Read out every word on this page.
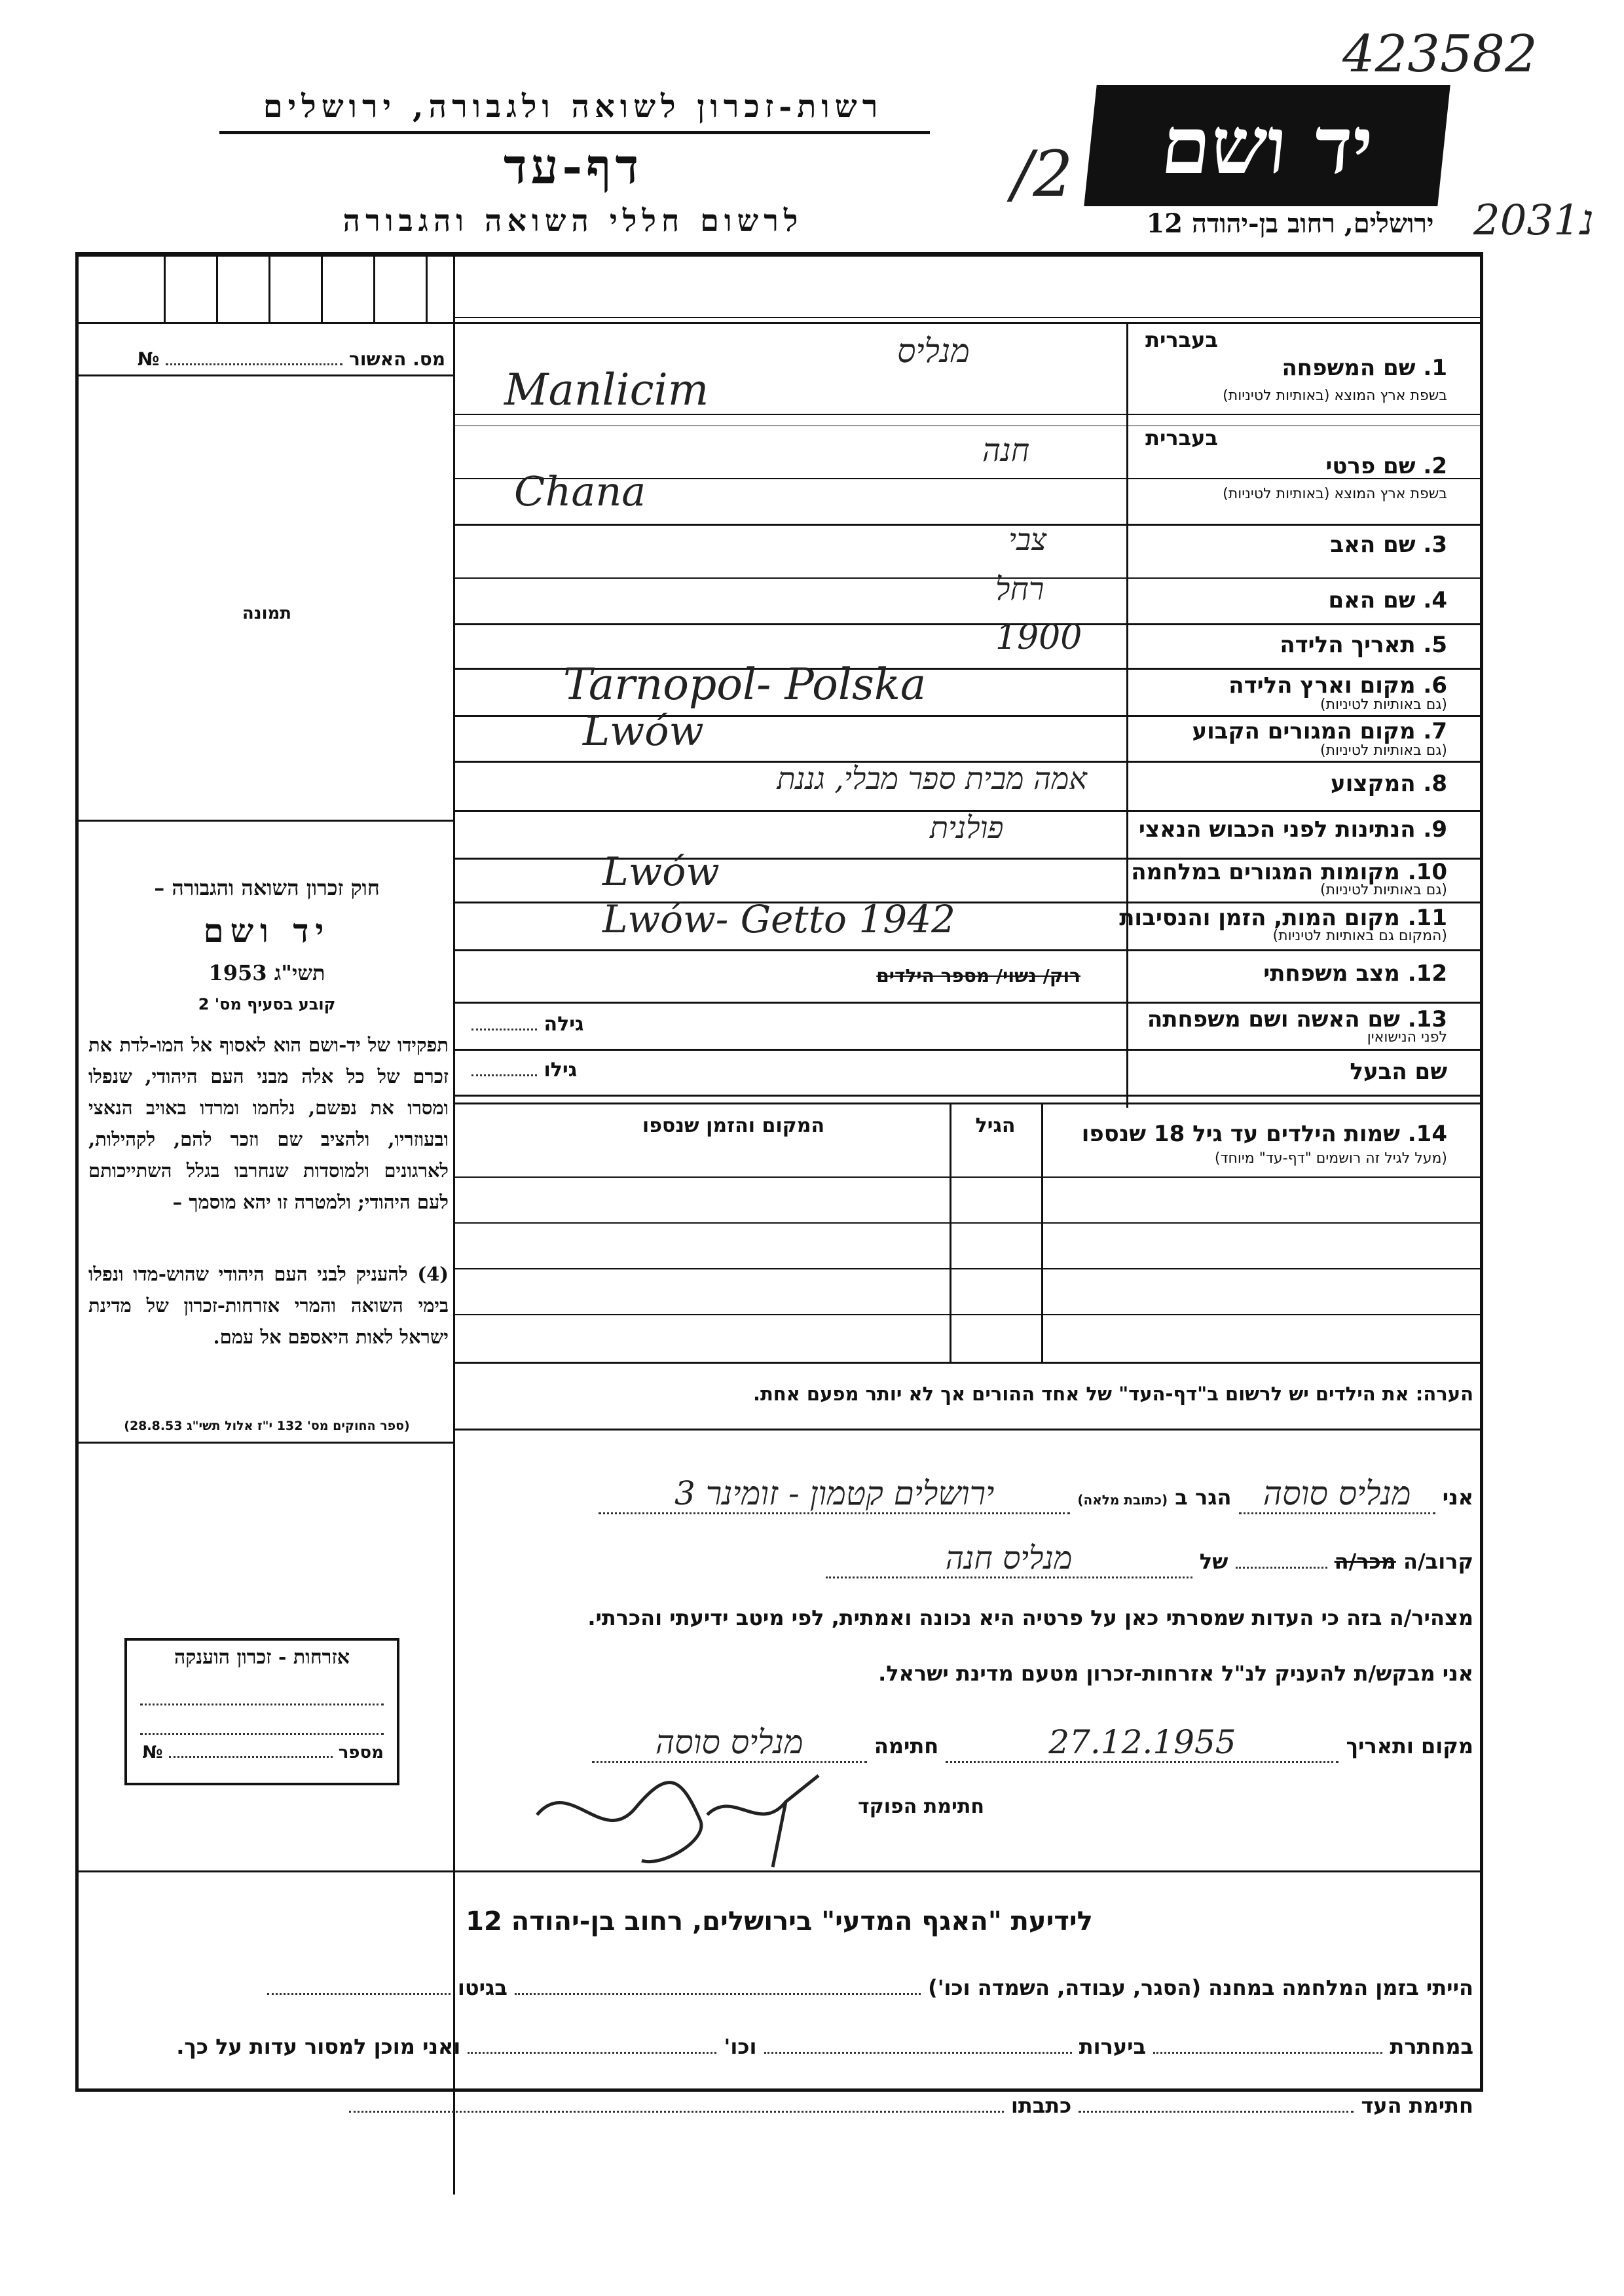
423582
2031נ
/2
רשות-זכרון לשואה ולגבורה, ירושלים
דף-עד
לרשום חללי השואה והגבורה
יד ושם
ירושלים, רחוב בן-יהודה 12
מס. האשור  №
תמונה
חוק זכרון השואה והגבורה –
יד ושם
תשי"ג 1953
קובע בסעיף מס' 2
תפקידו של יד-ושם הוא לאסוף אל המו-לדת את זכרם של כל אלה מבני העם היהודי, שנפלו ומסרו את נפשם, נלחמו ומרדו באויב הנאצי ובעוזריו, ולהציב שם וזכר להם, לקהילות, לארגונים ולמוסדות שנחרבו בגלל השתייכותם לעם היהודי; ולמטרה זו יהא מוסמך –
(4) להעניק לבני העם היהודי שהוש-מדו ונפלו בימי השואה והמרי אזרחות-זכרון של מדינת ישראל לאות היאספם אל עמם.
(ספר החוקים מס' 132 י"ז אלול תשי"ג 28.8.53)
אזרחות - זכרון הוענקה
מספר  №
בעברית
1. שם המשפחה
בשפת ארץ המוצא (באותיות לטיניות)
מנליס
Manlicim
בעברית
2. שם פרטי
בשפת ארץ המוצא (באותיות לטיניות)
חנה
Chana
3. שם האב
צבי
4. שם האם
רחל
5. תאריך הלידה
1900
6. מקום וארץ הלידה
(גם באותיות לטיניות)
Tarnopol- Polska
7. מקום המגורים הקבוע
(גם באותיות לטיניות)
Lwów
8. המקצוע
אמה מבית ספר מבלי, גננת
9. הנתינות לפני הכבוש הנאצי
פולנית
10. מקומות המגורים במלחמה
(גם באותיות לטיניות)
Lwów
11. מקום המות, הזמן והנסיבות
(המקום גם באותיות לטיניות)
Lwów- Getto 1942
12. מצב משפחתי
רוק/ נשוי/ מספר הילדים
13. שם האשה ושם משפחתה
לפני הנישואין
גילה
שם הבעל
גילו
14. שמות הילדים עד גיל 18 שנספו
(מעל לגיל זה רושמים "דף-עד" מיוחד)
הגיל
המקום והזמן שנספו
הערה: את הילדים יש לרשום ב"דף-העד" של אחד ההורים אך לא יותר מפעם אחת.
אני מנליס סוסה הגר ב (כתובת מלאה) ירושלים קטמון - זומינר 3
קרוב/ה מכר/ה  של מנליס חנה
מצהיר/ה בזה כי העדות שמסרתי כאן על פרטיה היא נכונה ואמתית, לפי מיטב ידיעתי והכרתי.
אני מבקש/ת להעניק לנ"ל אזרחות-זכרון מטעם מדינת ישראל.
מקום ותאריך 27.12.1955 חתימה מנליס סוסה
חתימת הפוקד
לידיעת "האגף המדעי" בירושלים, רחוב בן-יהודה 12
הייתי בזמן המלחמה במחנה (הסגר, עבודה, השמדה וכו')  בגיטו
במחתרת  ביערות  וכו'  ואני מוכן למסור עדות על כך.
חתימת העד  כתבתו
